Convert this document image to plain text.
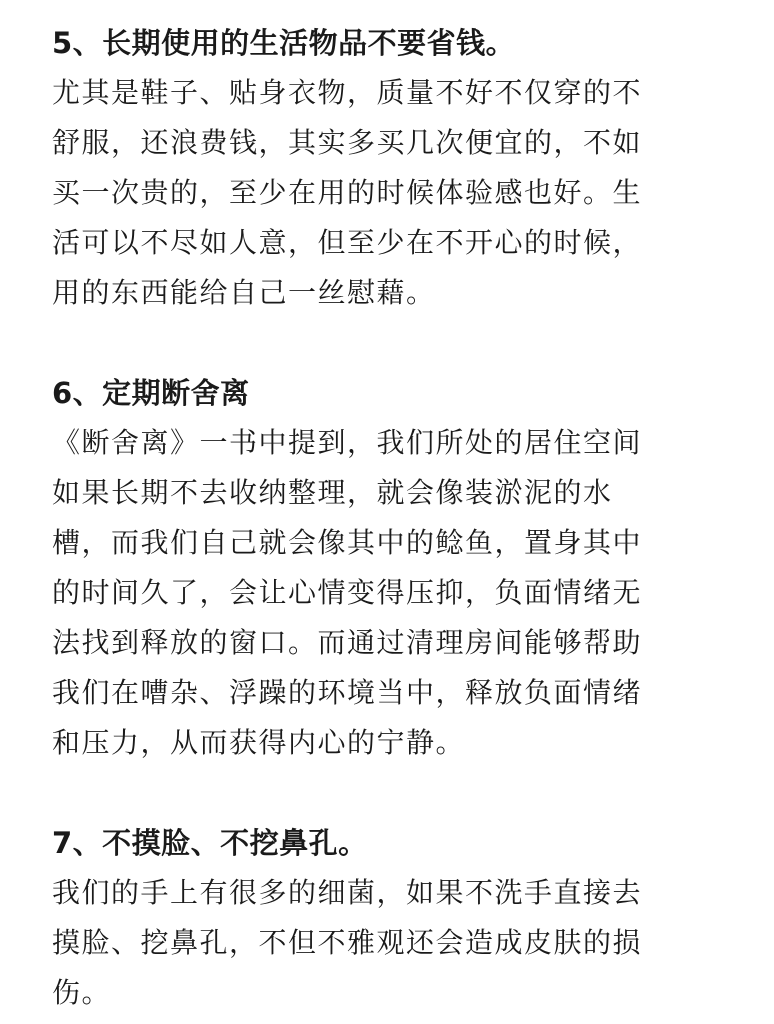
5、长期使用的生活物品不要省钱。
尤其是鞋子、贴身衣物，质量不好不仅穿的不
舒服，还浪费钱，其实多买几次便宜的，不如
买一次贵的，至少在用的时候体验感也好。生
活可以不尽如人意，但至少在不开心的时候，
用的东西能给自己一丝慰藉。
6、定期断舍离
《断舍离》一书中提到，我们所处的居住空间
如果长期不去收纳整理，就会像装淤泥的水
槽，而我们自己就会像其中的鲶鱼，置身其中
的时间久了，会让心情变得压抑，负面情绪无
法找到释放的窗口。而通过清理房间能够帮助
我们在嘈杂、浮躁的环境当中，释放负面情绪
和压力，从而获得内心的宁静。
7、不摸脸、不挖鼻孔。
我们的手上有很多的细菌，如果不洗手直接去
摸脸、挖鼻孔，不但不雅观还会造成皮肤的损
伤。
